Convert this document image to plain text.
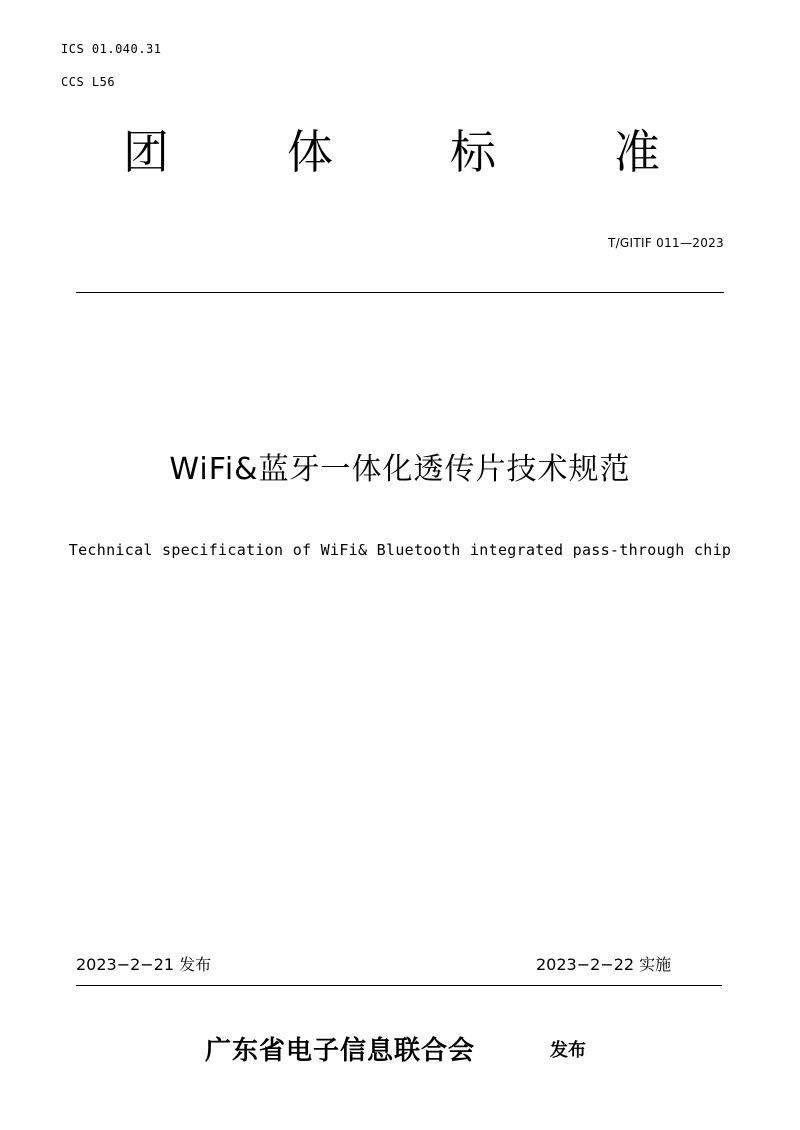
ICS 01.040.31
CCS L56
团	体	标	准
T/GITIF 011—2023
WiFi&蓝牙一体化透传片技术规范
Technical specification of WiFi& Bluetooth integrated pass-through chip
2023−2−21 发布	2023−2−22 实施
广东省电子信息联合会	发布
